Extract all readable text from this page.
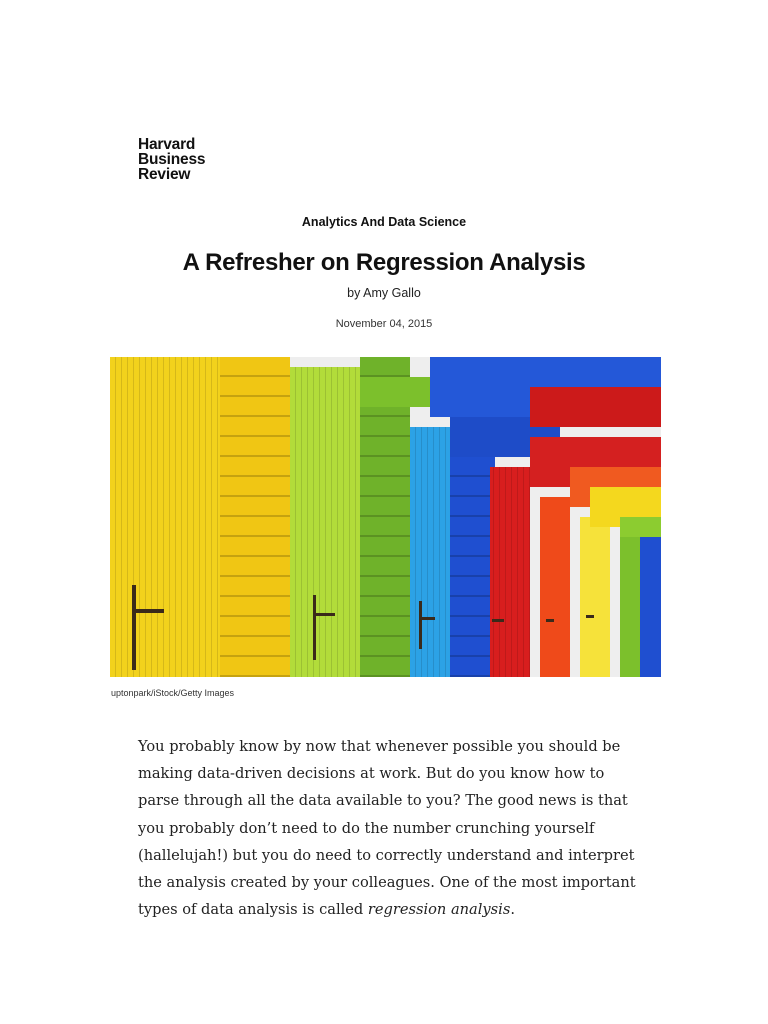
Harvard
Business
Review
Analytics And Data Science
A Refresher on Regression Analysis
by Amy Gallo
November 04, 2015
uptonpark/iStock/Getty Images

You probably know by now that whenever possible you should be making data-driven decisions at work. But do you know how to parse through all the data available to you? The good news is that you probably don’t need to do the number crunching yourself (hallelujah!) but you do need to correctly understand and interpret the analysis created by your colleagues. One of the most important types of data analysis is called regression analysis.
